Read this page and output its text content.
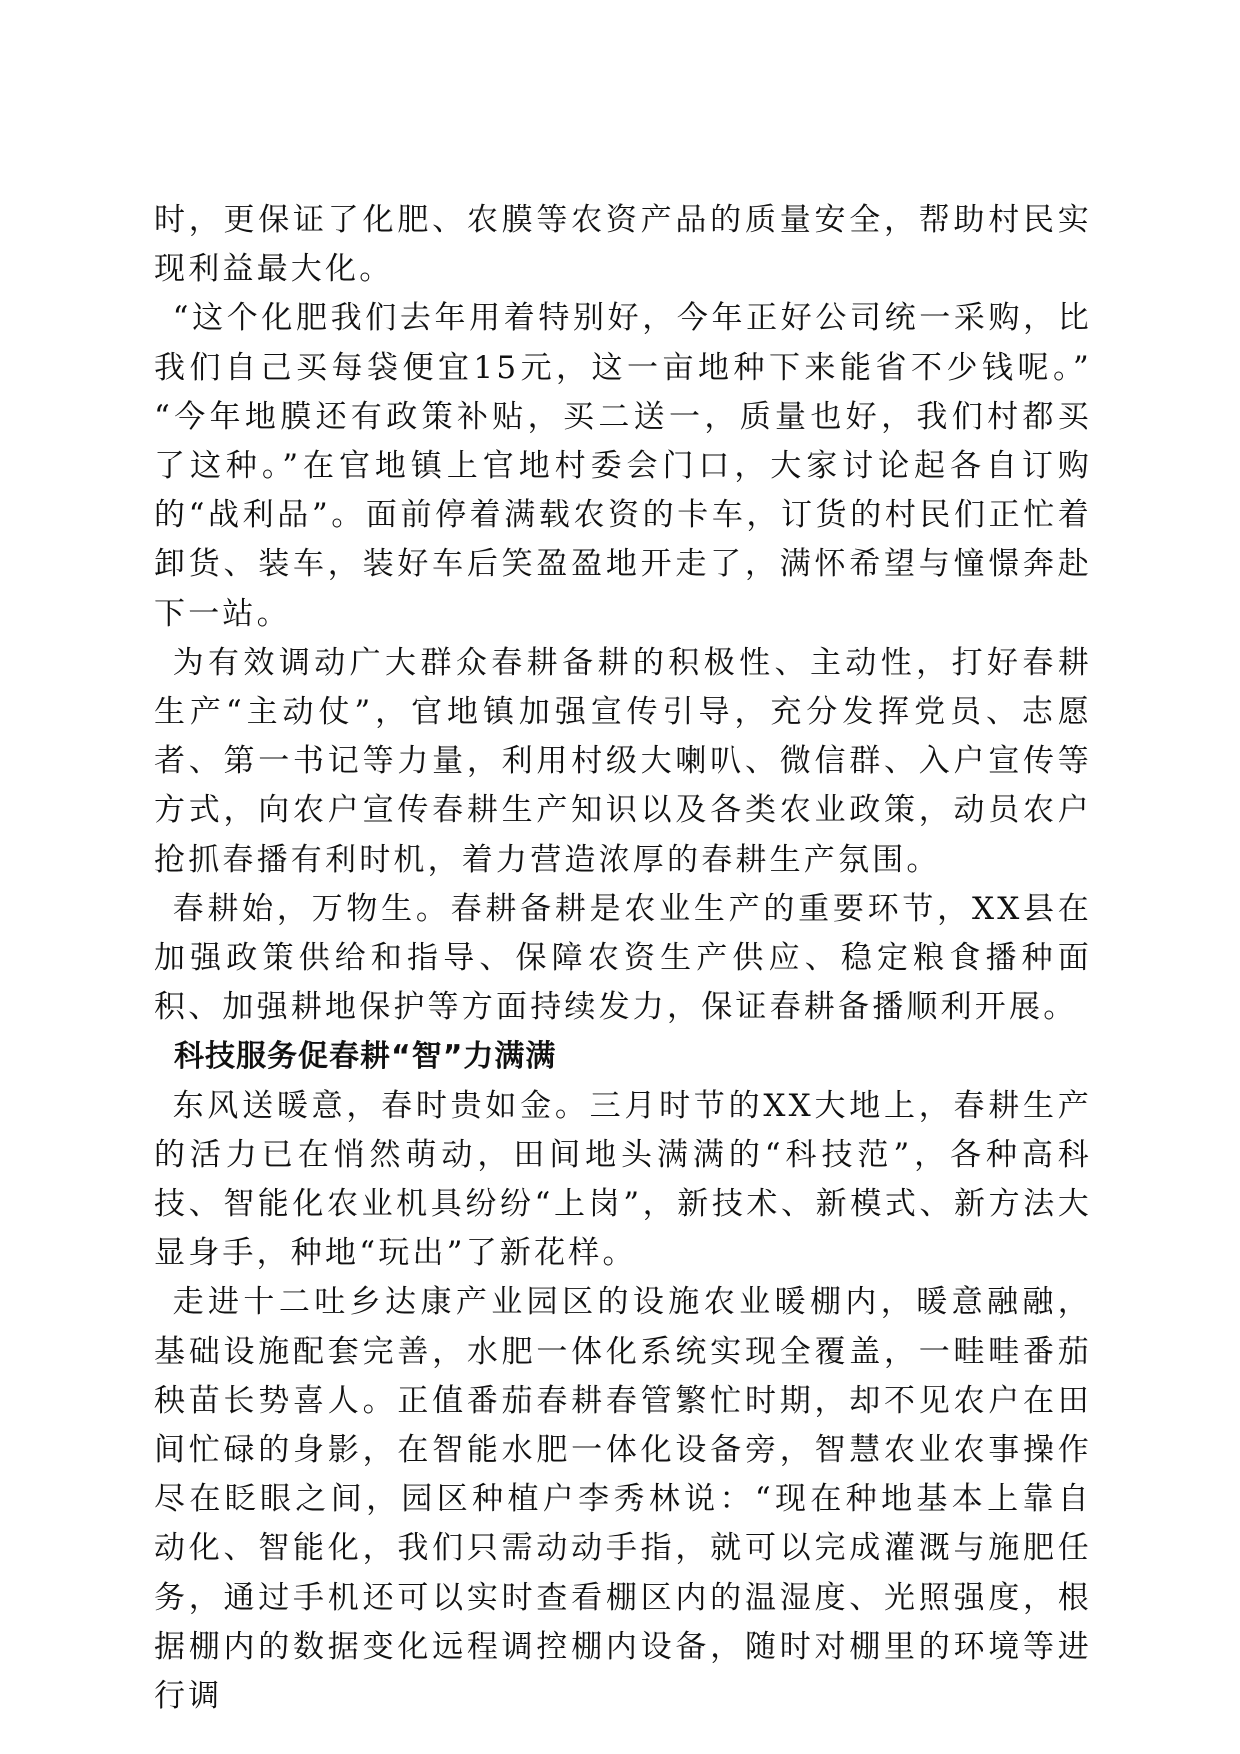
时，更保证了化肥、农膜等农资产品的质量安全，帮助村民实现利益最大化。

“这个化肥我们去年用着特别好，今年正好公司统一采购，比我们自己买每袋便宜15元，这一亩地种下来能省不少钱呢。” “今年地膜还有政策补贴，买二送一，质量也好，我们村都买了这种。”在官地镇上官地村委会门口，大家讨论起各自订购的“战利品”。面前停着满载农资的卡车，订货的村民们正忙着卸货、装车，装好车后笑盈盈地开走了，满怀希望与憧憬奔赴下一站。

为有效调动广大群众春耕备耕的积极性、主动性，打好春耕生产“主动仗”，官地镇加强宣传引导，充分发挥党员、志愿者、第一书记等力量，利用村级大喇叭、微信群、入户宣传等方式，向农户宣传春耕生产知识以及各类农业政策，动员农户抢抓春播有利时机，着力营造浓厚的春耕生产氛围。

春耕始，万物生。春耕备耕是农业生产的重要环节，XX县在加强政策供给和指导、保障农资生产供应、稳定粮食播种面积、加强耕地保护等方面持续发力，保证春耕备播顺利开展。

科技服务促春耕“智”力满满

东风送暖意，春时贵如金。三月时节的XX大地上，春耕生产的活力已在悄然萌动，田间地头满满的“科技范”，各种高科技、智能化农业机具纷纷“上岗”，新技术、新模式、新方法大显身手，种地“玩出”了新花样。

走进十二吐乡达康产业园区的设施农业暖棚内，暖意融融，基础设施配套完善，水肥一体化系统实现全覆盖，一畦畦番茄秧苗长势喜人。正值番茄春耕春管繁忙时期，却不见农户在田间忙碌的身影，在智能水肥一体化设备旁，智慧农业农事操作尽在眨眼之间，园区种植户李秀林说：“现在种地基本上靠自动化、智能化，我们只需动动手指，就可以完成灌溉与施肥任务，通过手机还可以实时查看棚区内的温湿度、光照强度，根据棚内的数据变化远程调控棚内设备，随时对棚里的环境等进行调
